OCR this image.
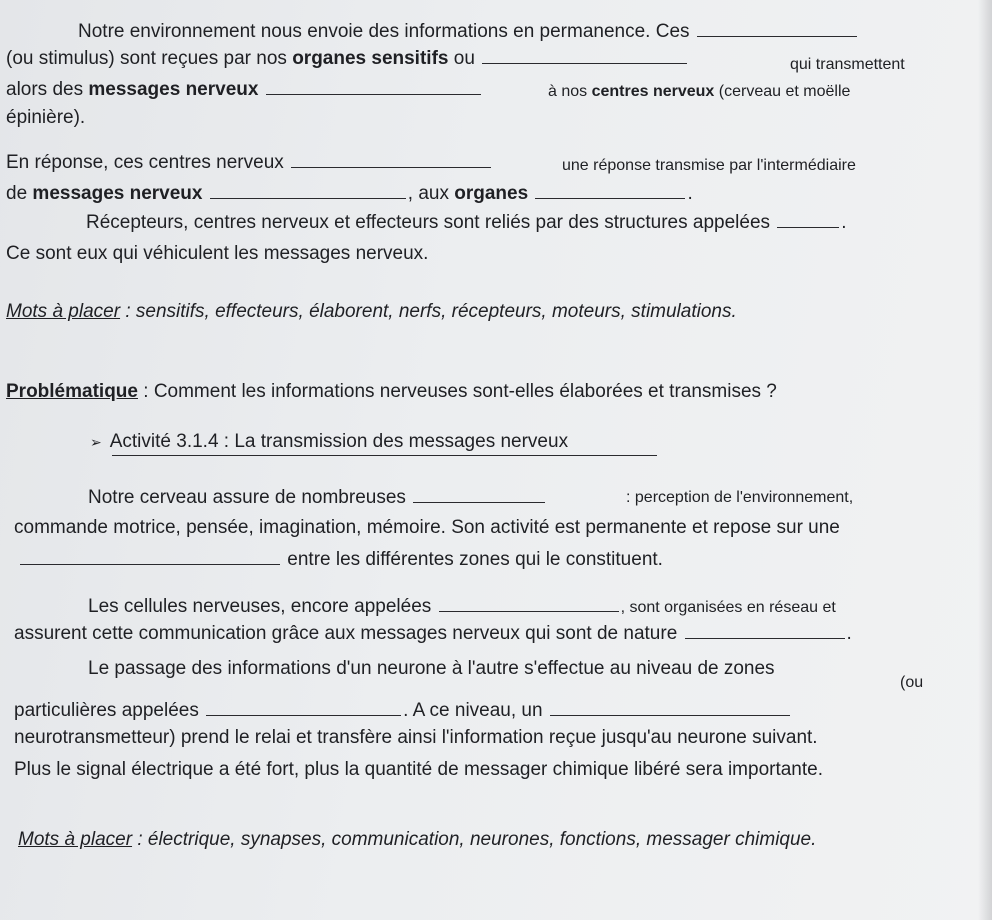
Notre environnement nous envoie des informations en permanence. Ces
(ou stimulus) sont reçues par nos organes sensitifs ou	qui transmettent
alors des messages nerveux	à nos centres nerveux (cerveau et moëlle
épinière).
En réponse, ces centres nerveux	une réponse transmise par l'intermédiaire
de messages nerveux	, aux organes	.
Récepteurs, centres nerveux et effecteurs sont reliés par des structures appelées	.
Ce sont eux qui véhiculent les messages nerveux.
Mots à placer : sensitifs, effecteurs, élaborent, nerfs, récepteurs, moteurs, stimulations.
Problématique : Comment les informations nerveuses sont-elles élaborées et transmises ?
➢ Activité 3.1.4 : La transmission des messages nerveux
Notre cerveau assure de nombreuses	: perception de l'environnement,
commande motrice, pensée, imagination, mémoire. Son activité est permanente et repose sur une
entre les différentes zones qui le constituent.
Les cellules nerveuses, encore appelées	, sont organisées en réseau et
assurent cette communication grâce aux messages nerveux qui sont de nature	.
Le passage des informations d'un neurone à l'autre s'effectue au niveau de zones
particulières appelées	. A ce niveau, un
(ou
neurotransmetteur) prend le relai et transfère ainsi l'information reçue jusqu'au neurone suivant.
Plus le signal électrique a été fort, plus la quantité de messager chimique libéré sera importante.
Mots à placer : électrique, synapses, communication, neurones, fonctions, messager chimique.
